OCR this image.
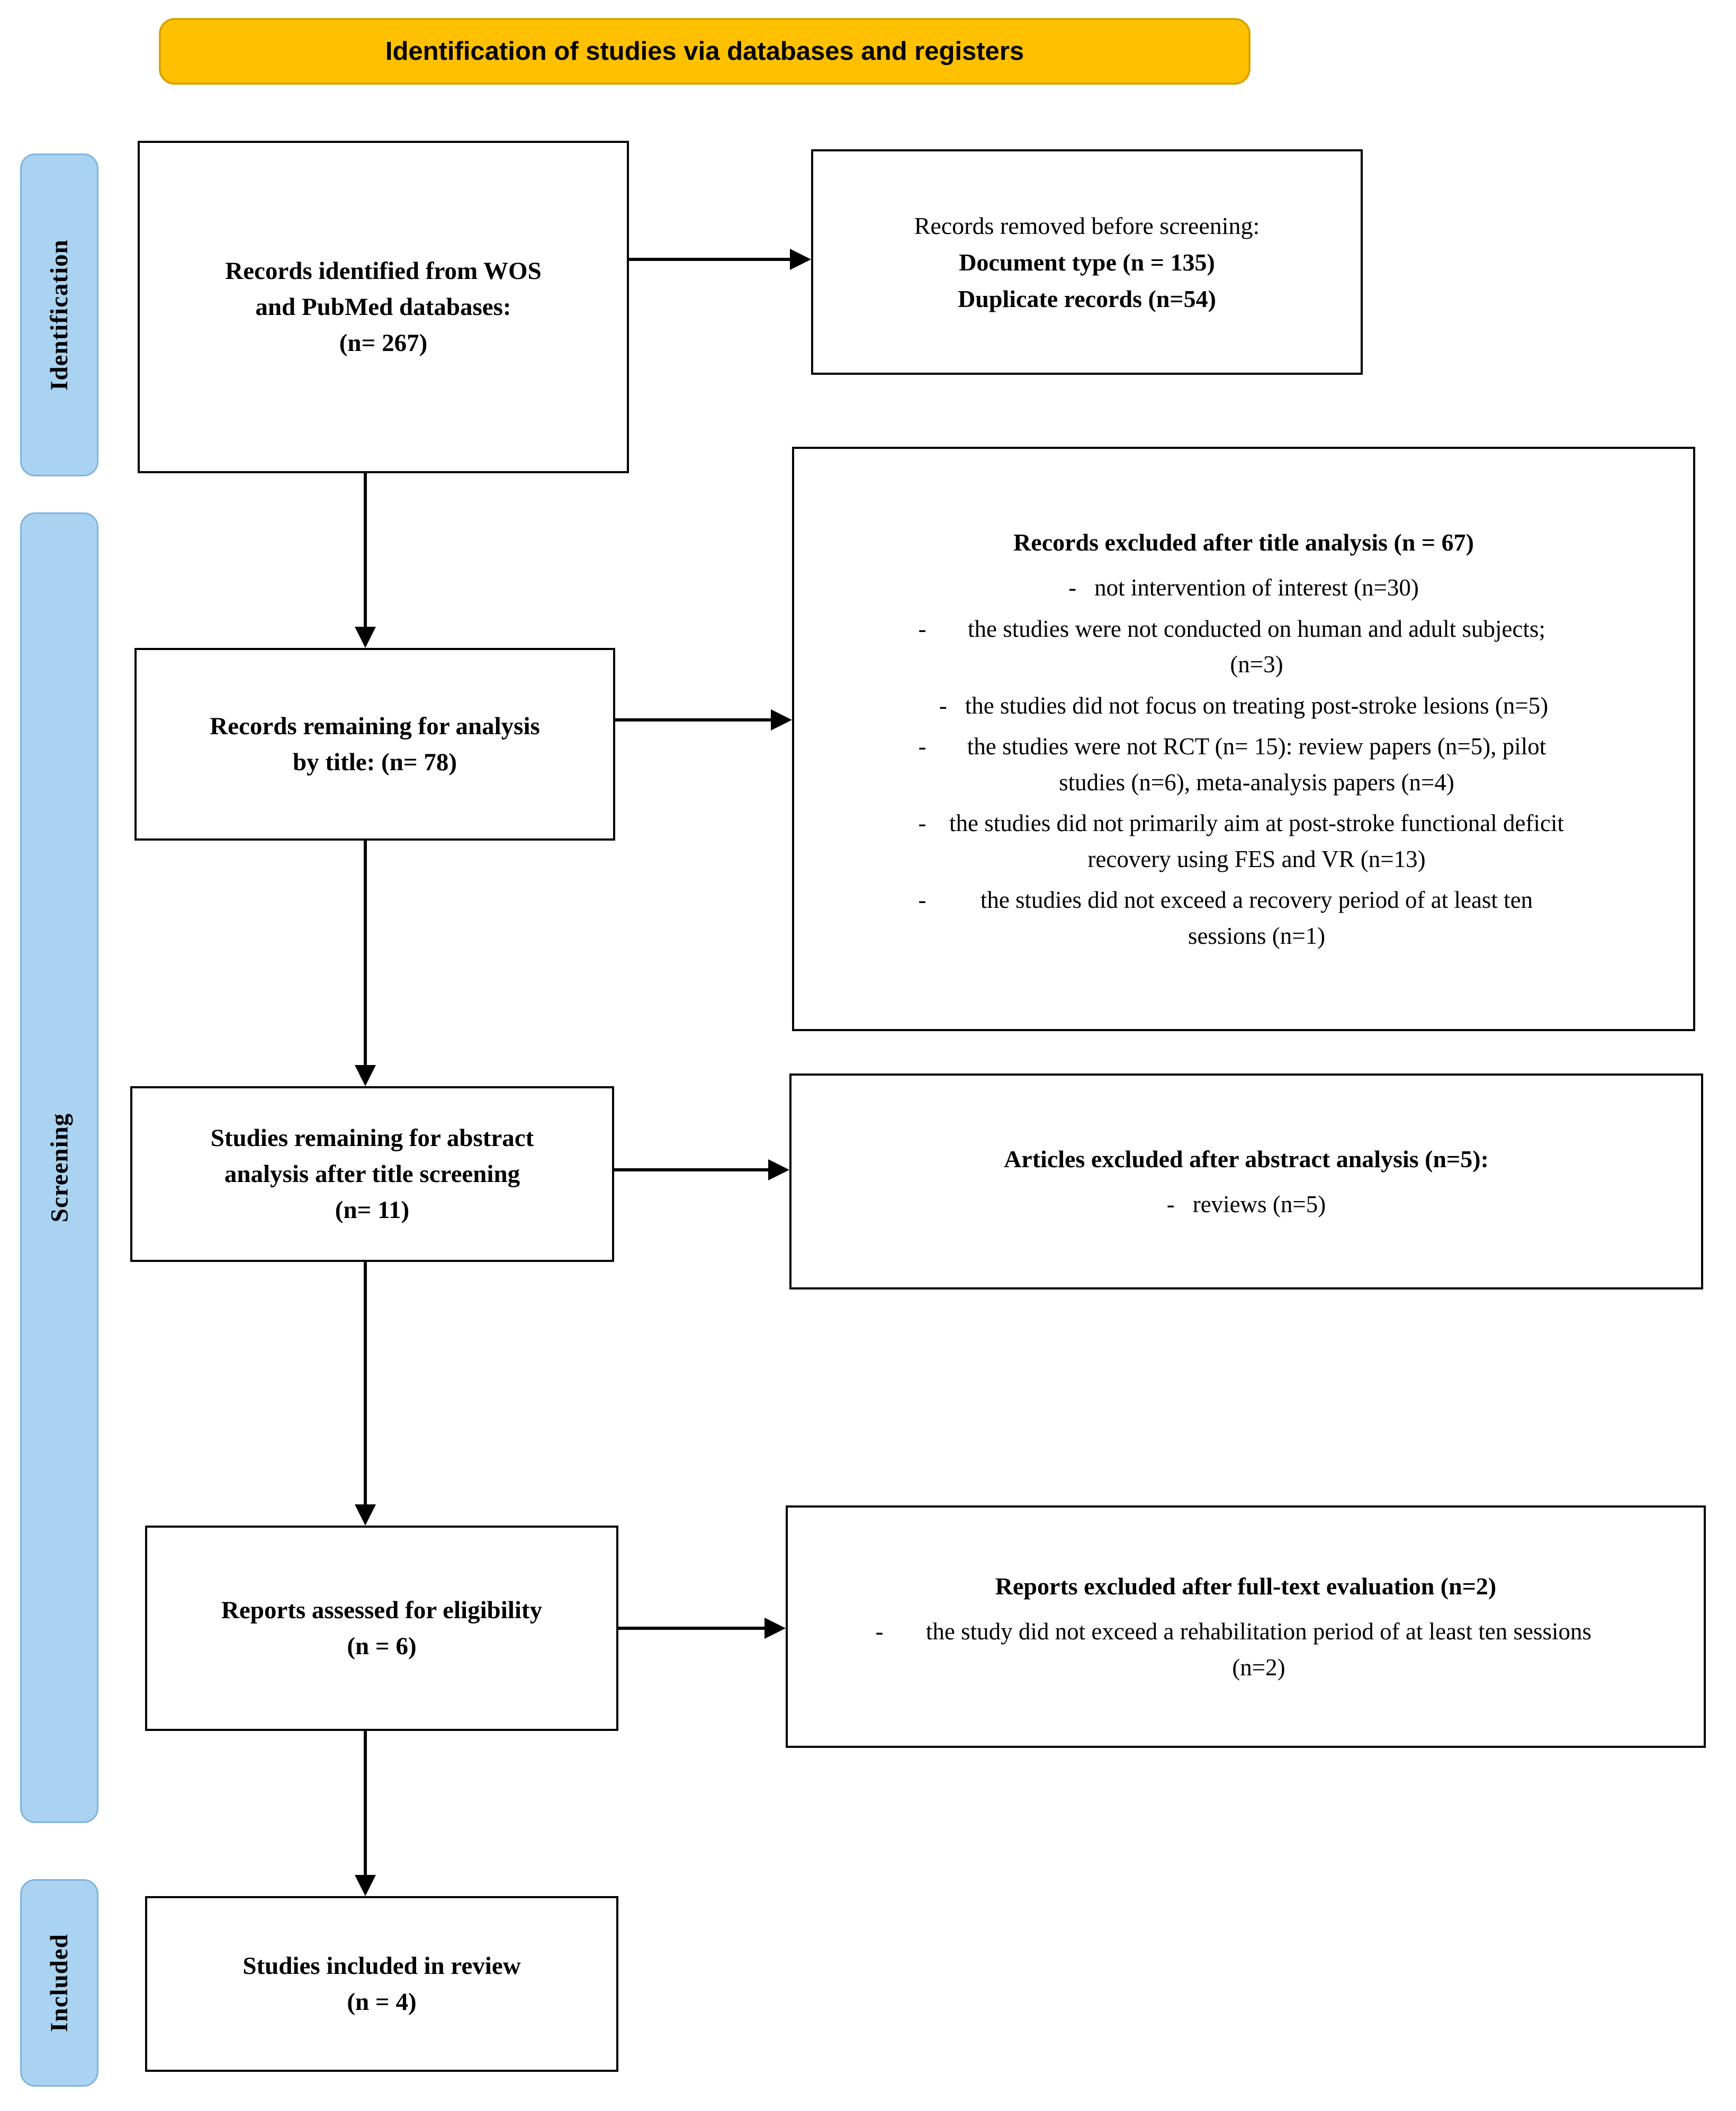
Identification of studies via databases and registers
Identification
Screening
Included
Records identified from WOS
and PubMed databases:
(n= 267)
Records remaining for analysis
by title: (n= 78)
Studies remaining for abstract
analysis after title screening
(n= 11)
Reports assessed for eligibility
(n = 6)
Studies included in review
(n = 4)
Records removed before screening:
Document type (n = 135)
Duplicate records (n=54)
Records excluded after title analysis (n = 67)
- not intervention of interest (n=30)
-	the studies were not conducted on human and adult subjects; (n=3)
- the studies did not focus on treating post-stroke lesions (n=5)
-	the studies were not RCT (n= 15): review papers (n=5), pilot studies (n=6), meta-analysis papers (n=4)
- the studies did not primarily aim at post-stroke functional deficit recovery using FES and VR (n=13)
-	the studies did not exceed a recovery period of at least ten sessions (n=1)
Articles excluded after abstract analysis (n=5):
- reviews (n=5)
Reports excluded after full-text evaluation (n=2)
-	the study did not exceed a rehabilitation period of at least ten sessions (n=2)
